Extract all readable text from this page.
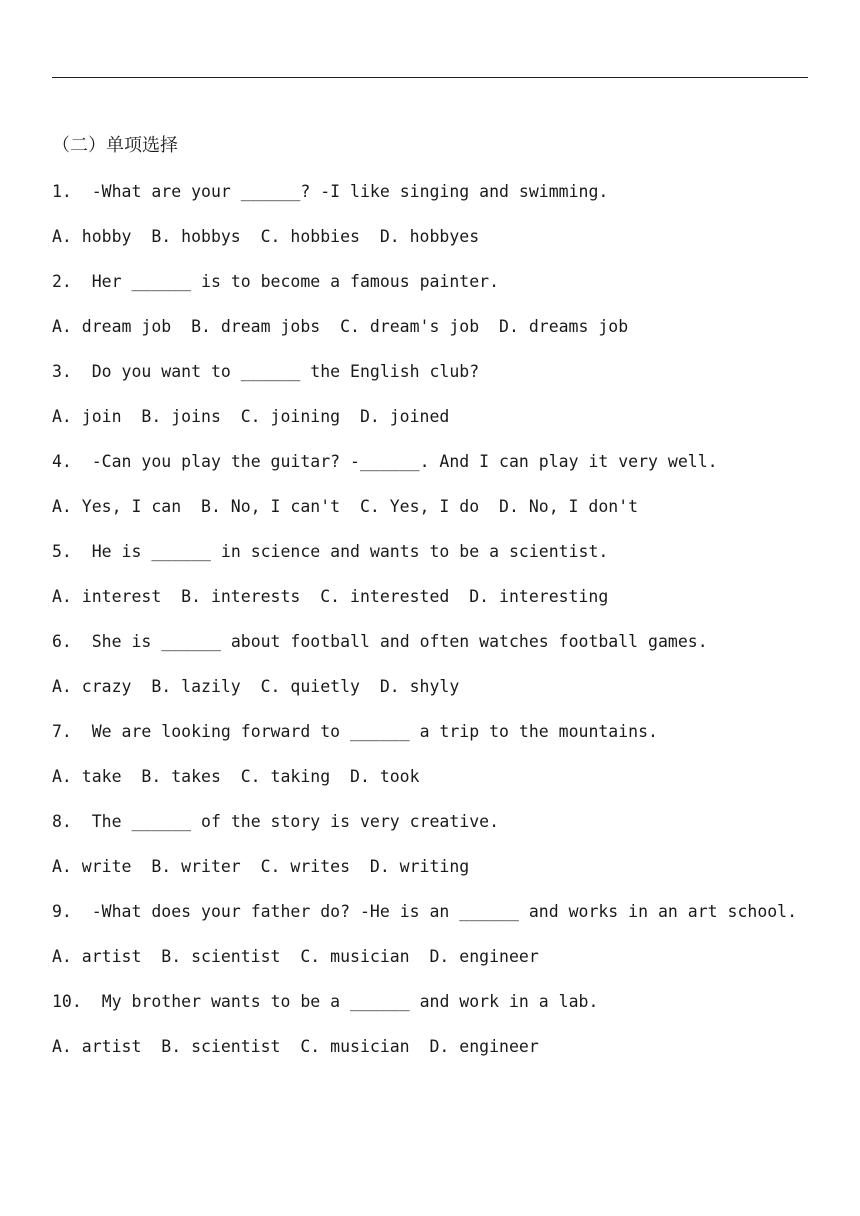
（二）单项选择
1. -What are your ______? -I like singing and swimming.
A. hobby  B. hobbys  C. hobbies  D. hobbyes
2. Her ______ is to become a famous painter.
A. dream job  B. dream jobs  C. dream's job  D. dreams job
3. Do you want to ______ the English club?
A. join  B. joins  C. joining  D. joined
4. -Can you play the guitar? -______. And I can play it very well.
A. Yes, I can  B. No, I can't  C. Yes, I do  D. No, I don't
5. He is ______ in science and wants to be a scientist.
A. interest  B. interests  C. interested  D. interesting
6. She is ______ about football and often watches football games.
A. crazy  B. lazily  C. quietly  D. shyly
7. We are looking forward to ______ a trip to the mountains.
A. take  B. takes  C. taking  D. took
8. The ______ of the story is very creative.
A. write  B. writer  C. writes  D. writing
9. -What does your father do? -He is an ______ and works in an art school.
A. artist  B. scientist  C. musician  D. engineer
10. My brother wants to be a ______ and work in a lab.
A. artist  B. scientist  C. musician  D. engineer
